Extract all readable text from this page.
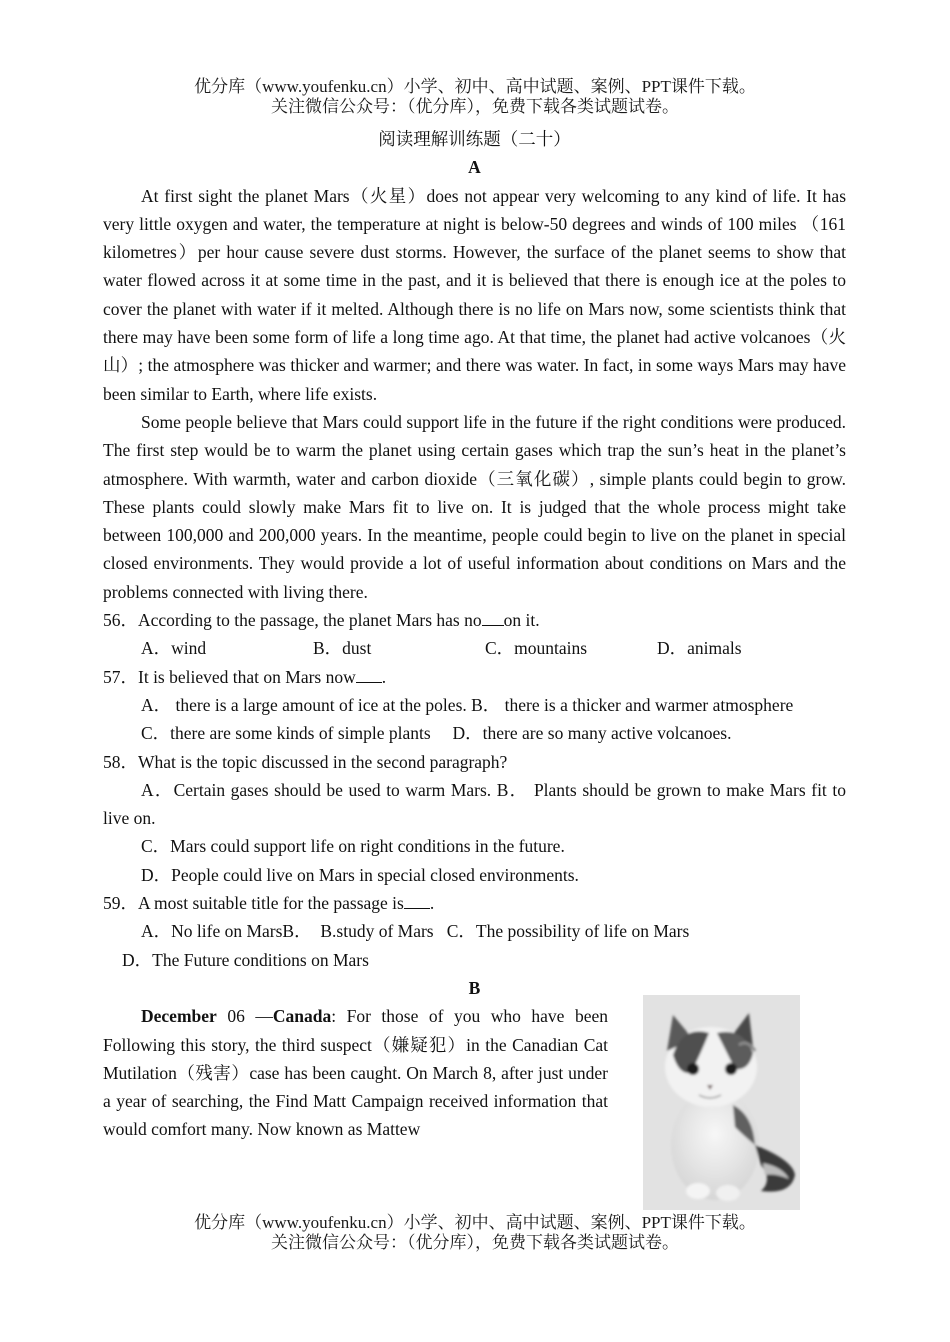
优分库（www.youfenku.cn）小学、初中、高中试题、案例、PPT课件下载。
关注微信公众号：（优分库），免费下载各类试题试卷。
阅读理解训练题（二十）
A

At first sight the planet Mars（火星）does not appear very welcoming to any kind of life. It has very little oxygen and water, the temperature at night is below-50 degrees and winds of 100 miles （161 kilometres）per hour cause severe dust storms. However, the surface of the planet seems to show that water flowed across it at some time in the past, and it is believed that there is enough ice at the poles to cover the planet with water if it melted. Although there is no life on Mars now, some scientists think that there may have been some form of life a long time ago. At that time, the planet had active volcanoes（火山）; the atmosphere was thicker and warmer; and there was water. In fact, in some ways Mars may have been similar to Earth, where life exists.

Some people believe that Mars could support life in the future if the right conditions were produced. The first step would be to warm the planet using certain gases which trap the sun’s heat in the planet’s atmosphere. With warmth, water and carbon dioxide（三氧化碳）, simple plants could begin to grow. These plants could slowly make Mars fit to live on. It is judged that the whole process might take between 100,000 and 200,000 years. In the meantime, people could begin to live on the planet in special closed environments. They would provide a lot of useful information about conditions on Mars and the problems connected with living there.

56．According to the passage, the planet Mars has no on it.
A．wind	B．dust	C．mountains	D．animals
57．It is believed that on Mars now .

A． there is a large amount of ice at the poles. B． there is a thicker and warmer atmosphere

C．there are some kinds of simple plants     D．there are so many active volcanoes.
58．What is the topic discussed in the second paragraph?

A．Certain gases should be used to warm Mars. B． Plants should be grown to make Mars fit to live on.

C．Mars could support life on right conditions in the future.
D．People could live on Mars in special closed environments.
59．A most suitable title for the passage is .
A．No life on MarsB．  B.study of Mars   C．The possibility of life on Mars
D．The Future conditions on Mars
B

December 06 —Canada: For those of you who have been Following this story, the third suspect（嫌疑犯）in the Canadian Cat Mutilation（残害）case has been caught. On March 8, after just under a year of searching, the Find Matt Campaign received information that would comfort many. Now known as Mattew

优分库（www.youfenku.cn）小学、初中、高中试题、案例、PPT课件下载。
关注微信公众号：（优分库），免费下载各类试题试卷。
